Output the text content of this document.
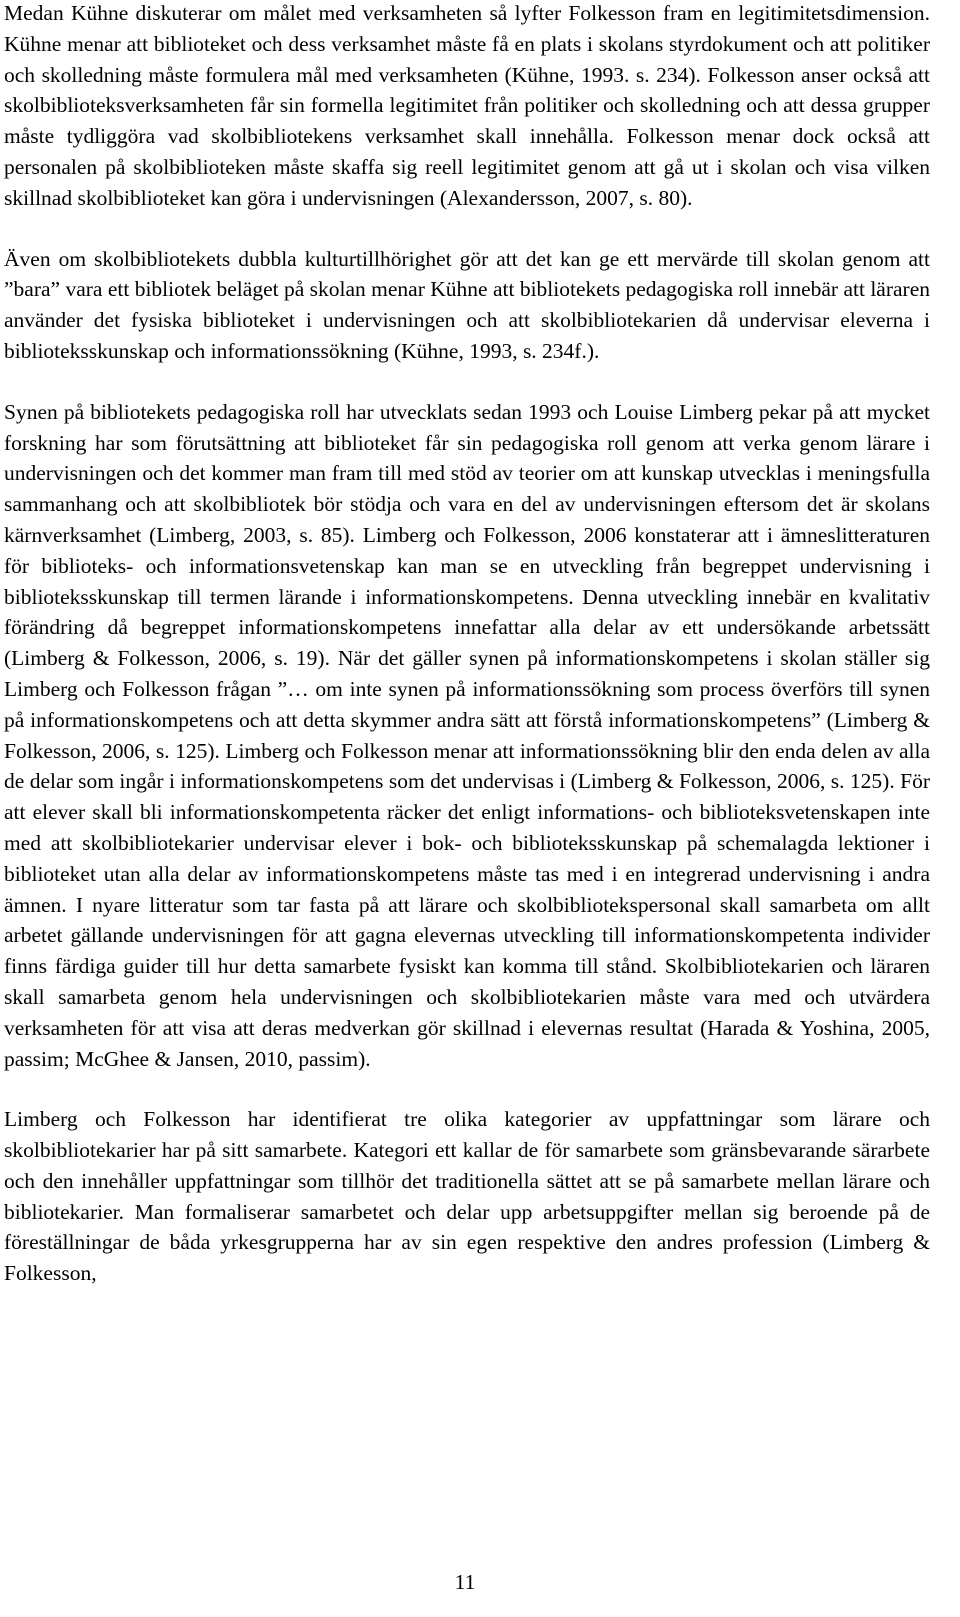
Medan Kühne diskuterar om målet med verksamheten så lyfter Folkesson fram en legitimitetsdimension. Kühne menar att biblioteket och dess verksamhet måste få en plats i skolans styrdokument och att politiker och skolledning måste formulera mål med verksamheten (Kühne, 1993. s. 234). Folkesson anser också att skolbiblioteksverksamheten får sin formella legitimitet från politiker och skolledning och att dessa grupper måste tydliggöra vad skolbibliotekens verksamhet skall innehålla. Folkesson menar dock också att personalen på skolbiblioteken måste skaffa sig reell legitimitet genom att gå ut i skolan och visa vilken skillnad skolbiblioteket kan göra i undervisningen (Alexandersson, 2007, s. 80).

Även om skolbibliotekets dubbla kulturtillhörighet gör att det kan ge ett mervärde till skolan genom att ”bara” vara ett bibliotek beläget på skolan menar Kühne att bibliotekets pedagogiska roll innebär att läraren använder det fysiska biblioteket i undervisningen och att skolbibliotekarien då undervisar eleverna i biblioteksskunskap och informationssökning (Kühne, 1993, s. 234f.).

Synen på bibliotekets pedagogiska roll har utvecklats sedan 1993 och Louise Limberg pekar på att mycket forskning har som förutsättning att biblioteket får sin pedagogiska roll genom att verka genom lärare i undervisningen och det kommer man fram till med stöd av teorier om att kunskap utvecklas i meningsfulla sammanhang och att skolbibliotek bör stödja och vara en del av undervisningen eftersom det är skolans kärnverksamhet (Limberg, 2003, s. 85). Limberg och Folkesson, 2006 konstaterar att i ämneslitteraturen för biblioteks- och informationsvetenskap kan man se en utveckling från begreppet undervisning i biblioteksskunskap till termen lärande i informationskompetens. Denna utveckling innebär en kvalitativ förändring då begreppet informationskompetens innefattar alla delar av ett undersökande arbetssätt (Limberg & Folkesson, 2006, s. 19). När det gäller synen på informationskompetens i skolan ställer sig Limberg och Folkesson frågan ”… om inte synen på informationssökning som process överförs till synen på informationskompetens och att detta skymmer andra sätt att förstå informationskompetens” (Limberg & Folkesson, 2006, s. 125). Limberg och Folkesson menar att informationssökning blir den enda delen av alla de delar som ingår i informationskompetens som det undervisas i (Limberg & Folkesson, 2006, s. 125). För att elever skall bli informationskompetenta räcker det enligt informations- och biblioteksvetenskapen inte med att skolbibliotekarier undervisar elever i bok- och biblioteksskunskap på schemalagda lektioner i biblioteket utan alla delar av informationskompetens måste tas med i en integrerad undervisning i andra ämnen. I nyare litteratur som tar fasta på att lärare och skolbibliotekspersonal skall samarbeta om allt arbetet gällande undervisningen för att gagna elevernas utveckling till informationskompetenta individer finns färdiga guider till hur detta samarbete fysiskt kan komma till stånd. Skolbibliotekarien och läraren skall samarbeta genom hela undervisningen och skolbibliotekarien måste vara med och utvärdera verksamheten för att visa att deras medverkan gör skillnad i elevernas resultat (Harada & Yoshina, 2005, passim; McGhee & Jansen, 2010, passim).

Limberg och Folkesson har identifierat tre olika kategorier av uppfattningar som lärare och skolbibliotekarier har på sitt samarbete. Kategori ett kallar de för samarbete som gränsbevarande särarbete och den innehåller uppfattningar som tillhör det traditionella sättet att se på samarbete mellan lärare och bibliotekarier. Man formaliserar samarbetet och delar upp arbetsuppgifter mellan sig beroende på de föreställningar de båda yrkesgrupperna har av sin egen respektive den andres profession (Limberg & Folkesson,

11
